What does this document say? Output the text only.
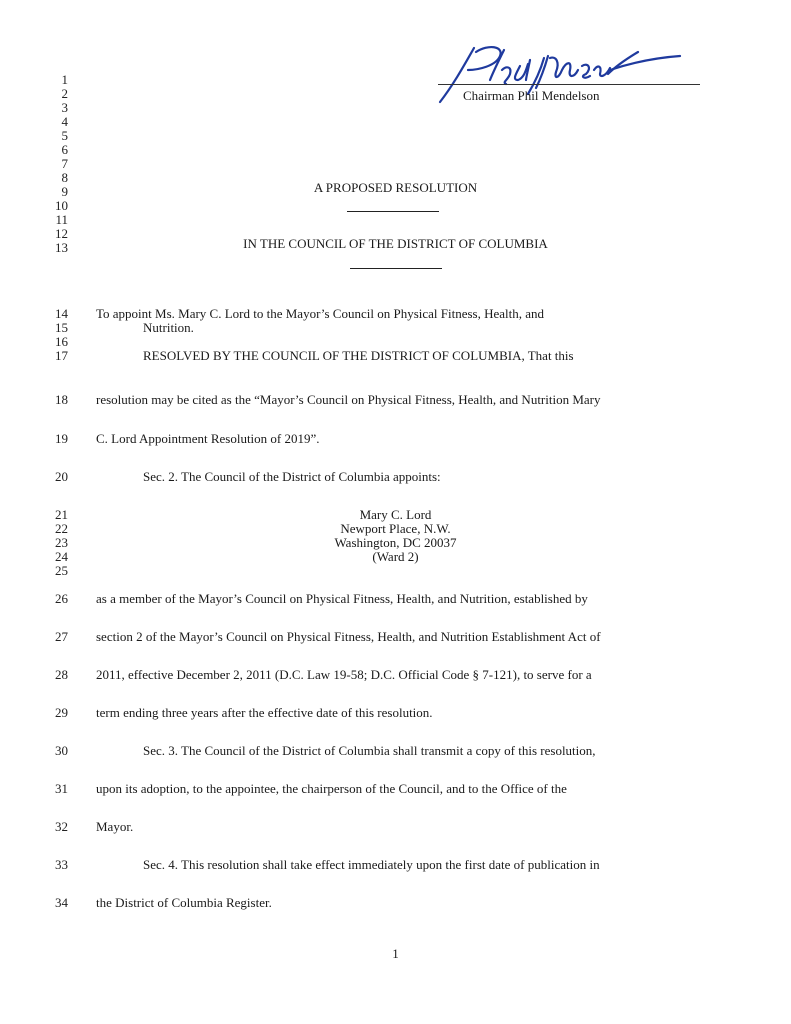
Chairman Phil Mendelson
1
2
3
4
5
6
7
8
9
10
11
12
13
14
15
16
17
18
19
20
21
22
23
24
25
26
27
28
29
30
31
32
33
34
A PROPOSED RESOLUTION
IN THE COUNCIL OF THE DISTRICT OF COLUMBIA
To appoint Ms. Mary C. Lord to the Mayor’s Council on Physical Fitness, Health, and
Nutrition.
RESOLVED BY THE COUNCIL OF THE DISTRICT OF COLUMBIA, That this
resolution may be cited as the “Mayor’s Council on Physical Fitness, Health, and Nutrition Mary
C. Lord Appointment Resolution of 2019”.
Sec. 2. The Council of the District of Columbia appoints:
Mary C. Lord
Newport Place, N.W.
Washington, DC 20037
(Ward 2)
as a member of the Mayor’s Council on Physical Fitness, Health, and Nutrition, established by
section 2 of the Mayor’s Council on Physical Fitness, Health, and Nutrition Establishment Act of
2011, effective December 2, 2011 (D.C. Law 19-58; D.C. Official Code § 7-121), to serve for a
term ending three years after the effective date of this resolution.
Sec. 3. The Council of the District of Columbia shall transmit a copy of this resolution,
upon its adoption, to the appointee, the chairperson of the Council, and to the Office of the
Mayor.
Sec. 4. This resolution shall take effect immediately upon the first date of publication in
the District of Columbia Register.
1
